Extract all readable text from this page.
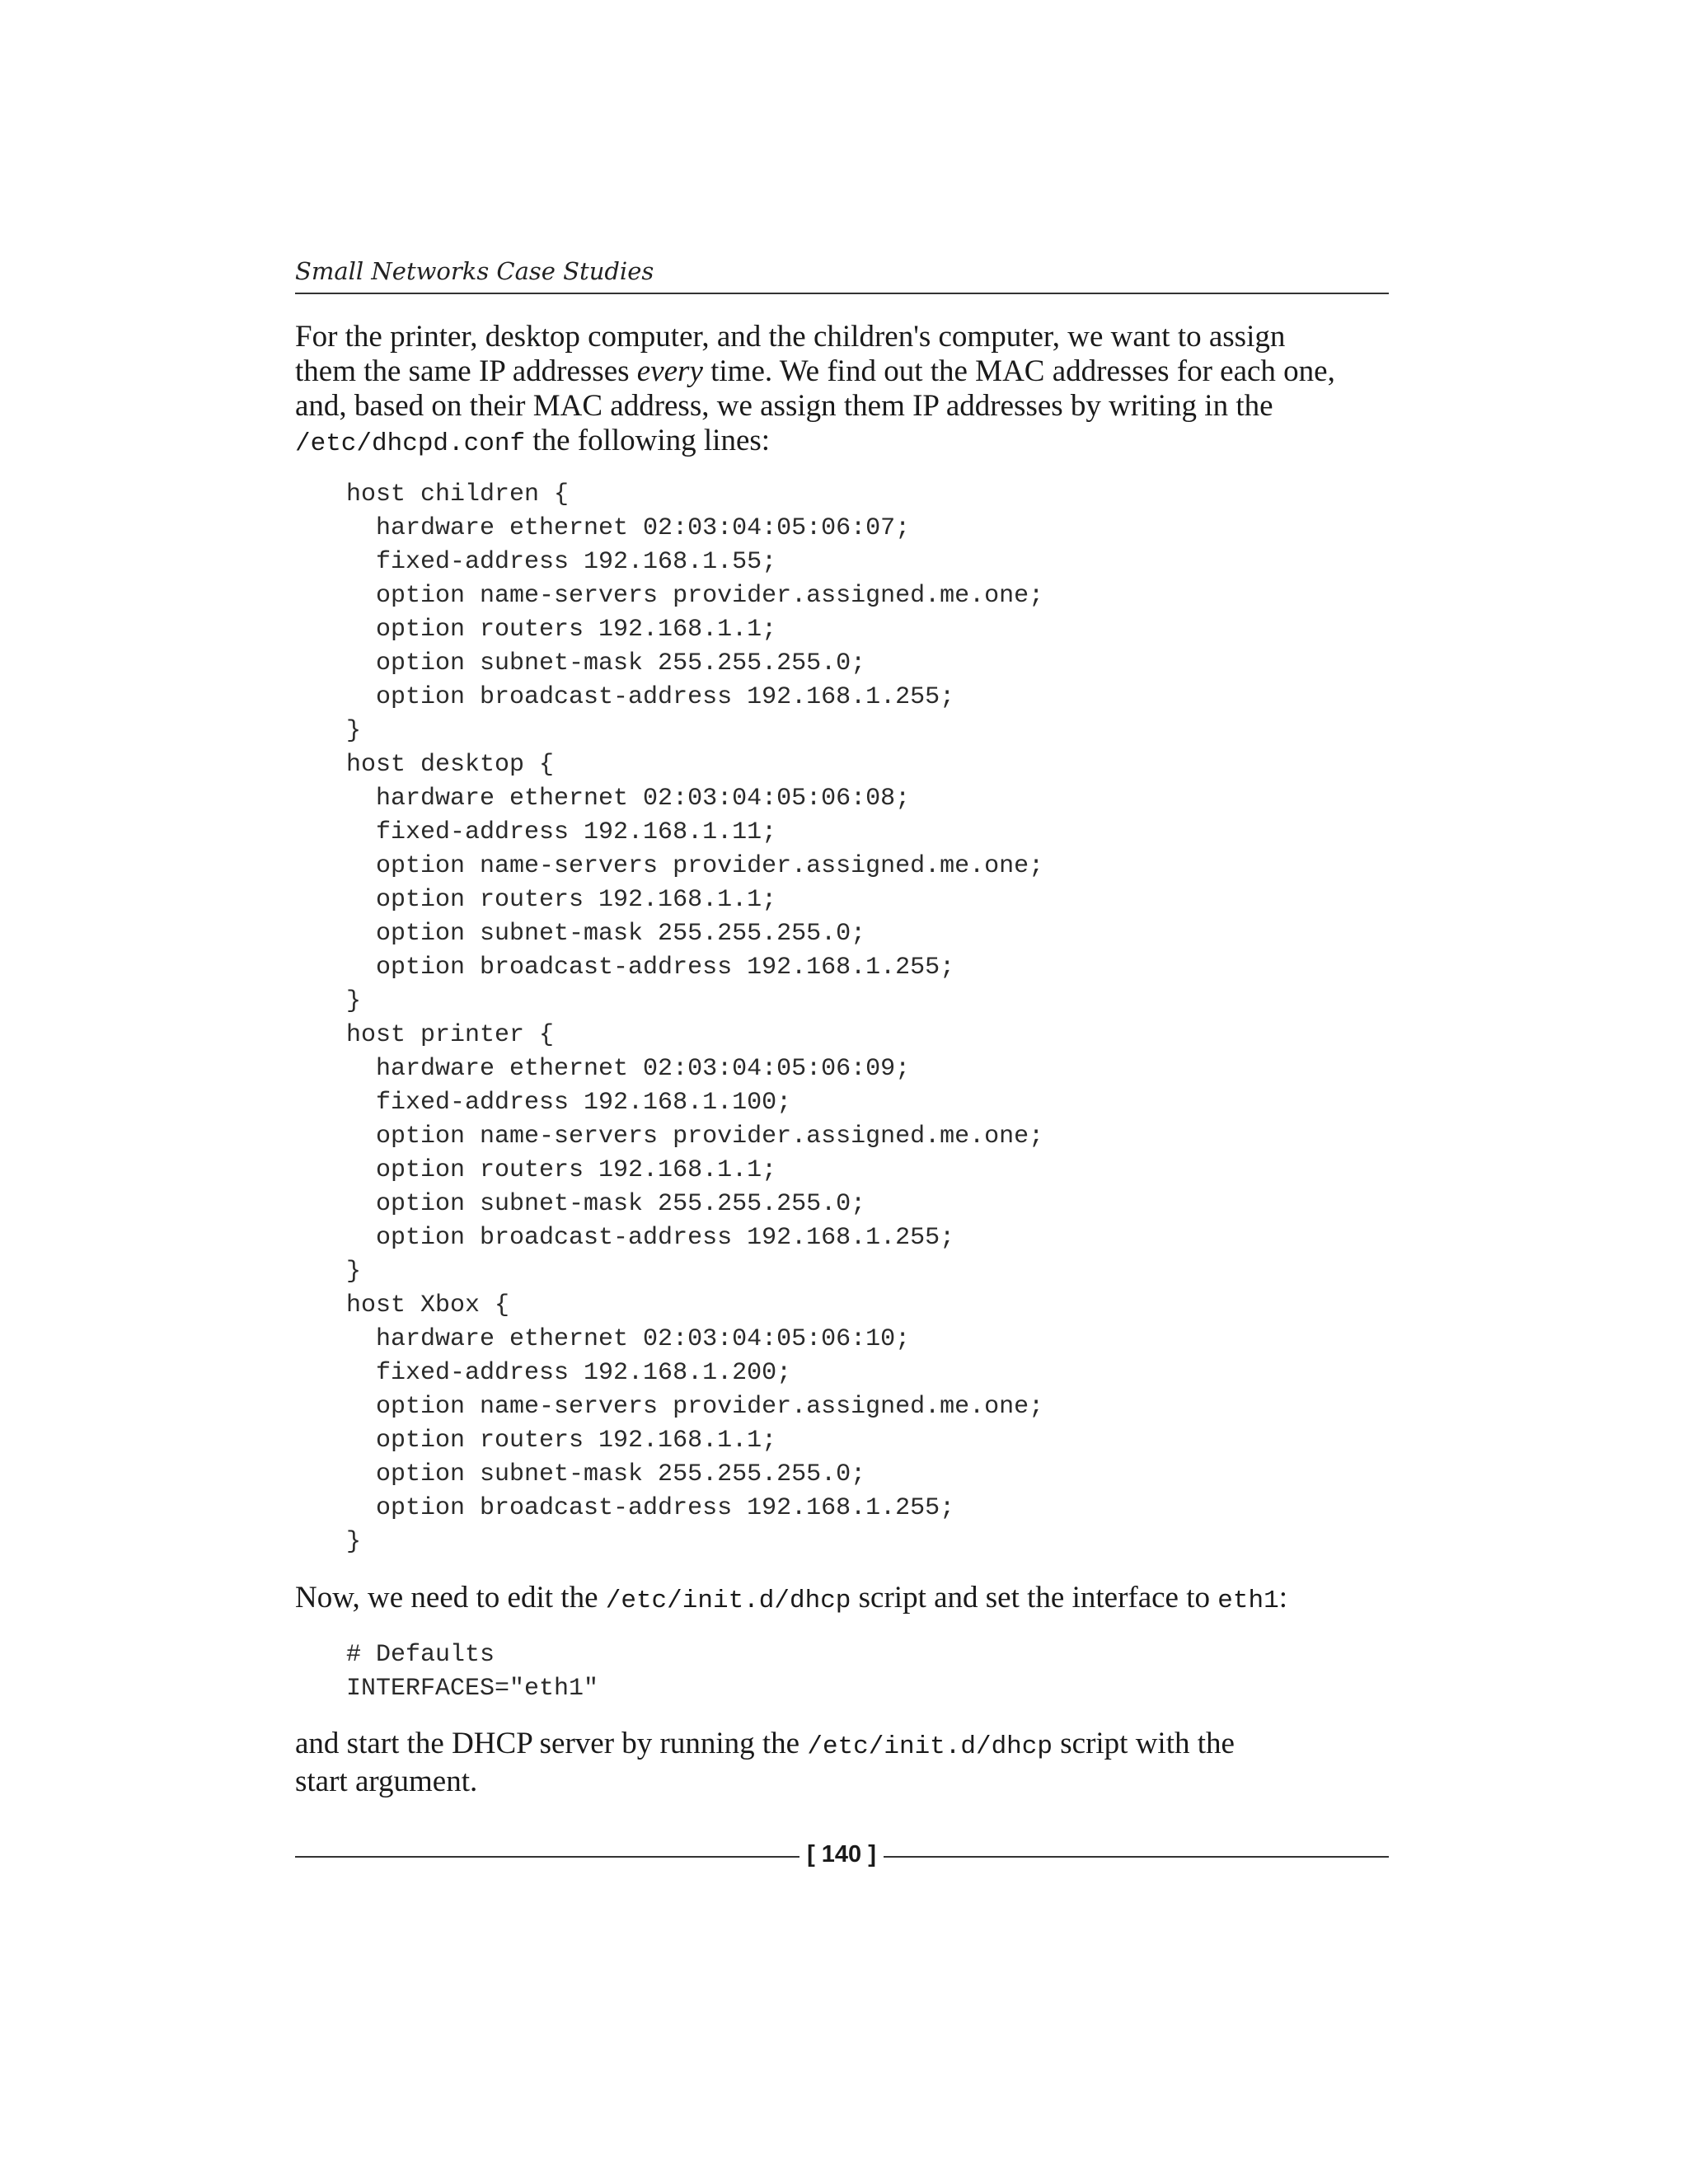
Small Networks Case Studies

For the printer, desktop computer, and the children's computer, we want to assign
them the same IP addresses every time. We find out the MAC addresses for each one,
and, based on their MAC address, we assign them IP addresses by writing in the
/etc/dhcpd.conf the following lines:

host children {
hardware ethernet 02:03:04:05:06:07;
fixed-address 192.168.1.55;
option name-servers provider.assigned.me.one;
option routers 192.168.1.1;
option subnet-mask 255.255.255.0;
option broadcast-address 192.168.1.255;
}
host desktop {
hardware ethernet 02:03:04:05:06:08;
fixed-address 192.168.1.11;
option name-servers provider.assigned.me.one;
option routers 192.168.1.1;
option subnet-mask 255.255.255.0;
option broadcast-address 192.168.1.255;
}
host printer {
hardware ethernet 02:03:04:05:06:09;
fixed-address 192.168.1.100;
option name-servers provider.assigned.me.one;
option routers 192.168.1.1;
option subnet-mask 255.255.255.0;
option broadcast-address 192.168.1.255;
}
host Xbox {
hardware ethernet 02:03:04:05:06:10;
fixed-address 192.168.1.200;
option name-servers provider.assigned.me.one;
option routers 192.168.1.1;
option subnet-mask 255.255.255.0;
option broadcast-address 192.168.1.255;
}

Now, we need to edit the /etc/init.d/dhcp script and set the interface to eth1:

# Defaults
INTERFACES="eth1"

and start the DHCP server by running the /etc/init.d/dhcp script with the
start argument.

[ 140 ]
